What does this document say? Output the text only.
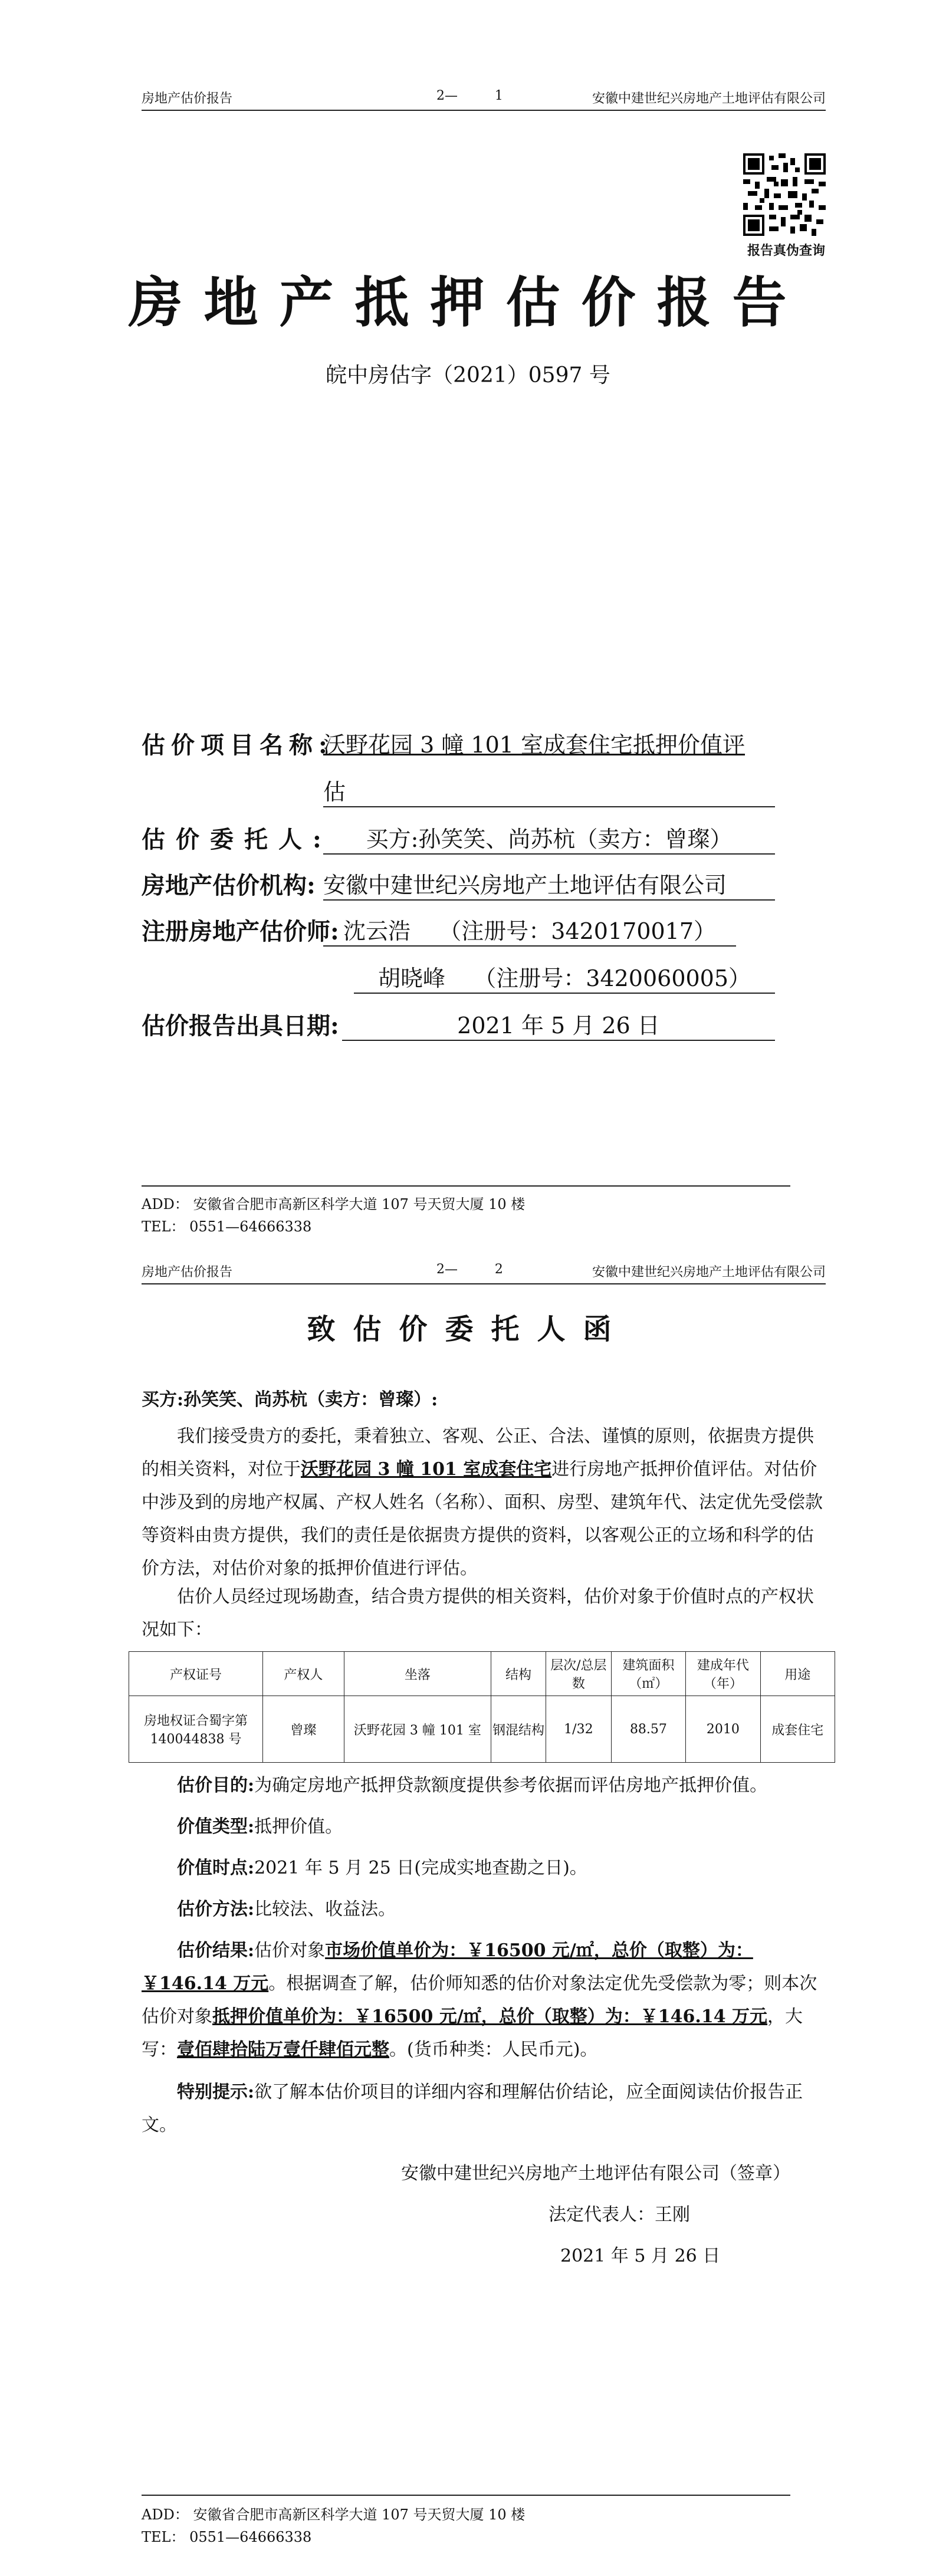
房地产估价报告	2—         1	安徽中建世纪兴房地产土地评估有限公司
报告真伪查询
房地产抵押估价报告
皖中房估字（2021）0597 号
估价项目名称:
沃野花园 3 幢 101 室成套住宅抵押价值评
估
估价委托人:	买方:孙笑笑、尚苏杭（卖方：曾璨）
房地产估价机构: 安徽中建世纪兴房地产土地评估有限公司
注册房地产估价师: 沈云浩    （注册号：3420170017）
胡晓峰    （注册号：3420060005）
估价报告出具日期:	2021 年 5 月 26 日
ADD： 安徽省合肥市高新区科学大道 107 号天贸大厦 10 楼
TEL： 0551—64666338
房地产估价报告	2—         2	安徽中建世纪兴房地产土地评估有限公司
致估价委托人函
买方:孙笑笑、尚苏杭（卖方：曾璨）:
我们接受贵方的委托，秉着独立、客观、公正、合法、谨慎的原则，依据贵方提供的相关资料，对位于沃野花园 3 幢 101 室成套住宅进行房地产抵押价值评估。对估价中涉及到的房地产权属、产权人姓名（名称）、面积、房型、建筑年代、法定优先受偿款等资料由贵方提供，我们的责任是依据贵方提供的资料，以客观公正的立场和科学的估价方法，对估价对象的抵押价值进行评估。
估价人员经过现场勘查，结合贵方提供的相关资料，估价对象于价值时点的产权状况如下：
产权证号	产权人	坐落	结构	层次/总层数	建筑面积（㎡）	建成年代（年）	用途
房地权证合蜀字第140044838 号	曾璨	沃野花园 3 幢 101 室	钢混结构	1/32	88.57	2010	成套住宅
估价目的:为确定房地产抵押贷款额度提供参考依据而评估房地产抵押价值。
价值类型:抵押价值。
价值时点:2021 年 5 月 25 日(完成实地查勘之日)。
估价方法:比较法、收益法。
估价结果:估价对象市场价值单价为：￥16500 元/㎡，总价（取整）为：￥146.14 万元。根据调查了解，估价师知悉的估价对象法定优先受偿款为零；则本次估价对象抵押价值单价为：￥16500 元/㎡，总价（取整）为：￥146.14 万元，大写：壹佰肆拾陆万壹仟肆佰元整。(货币种类：人民币元)。
特别提示:欲了解本估价项目的详细内容和理解估价结论，应全面阅读估价报告正文。
安徽中建世纪兴房地产土地评估有限公司（签章）
法定代表人：王刚
2021 年 5 月 26 日
ADD： 安徽省合肥市高新区科学大道 107 号天贸大厦 10 楼
TEL： 0551—64666338
